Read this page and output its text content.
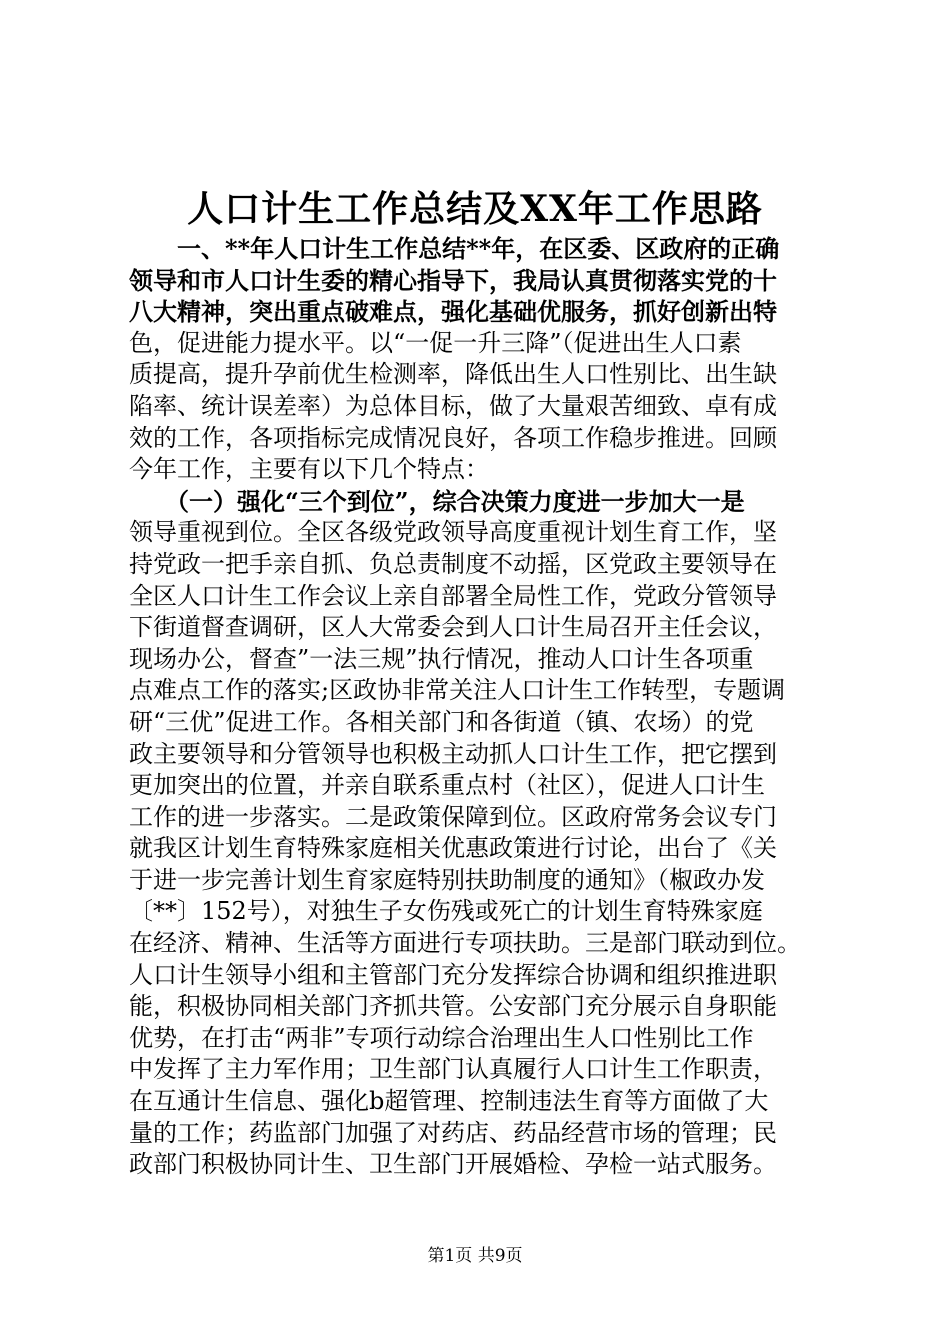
人口计生工作总结及XX年工作思路
　　一、**年人口计生工作总结**年，在区委、区政府的正确
领导和市人口计生委的精心指导下，我局认真贯彻落实党的十
八大精神，突出重点破难点，强化基础优服务，抓好创新出特
色，促进能力提水平。以“一促一升三降”（促进出生人口素
质提高，提升孕前优生检测率，降低出生人口性别比、出生缺
陷率、统计误差率）为总体目标，做了大量艰苦细致、卓有成
效的工作，各项指标完成情况良好，各项工作稳步推进。回顾
今年工作，主要有以下几个特点：
　　（一）强化“三个到位”，综合决策力度进一步加大一是
领导重视到位。全区各级党政领导高度重视计划生育工作，坚
持党政一把手亲自抓、负总责制度不动摇，区党政主要领导在
全区人口计生工作会议上亲自部署全局性工作，党政分管领导
下街道督查调研，区人大常委会到人口计生局召开主任会议，
现场办公，督查”一法三规”执行情况，推动人口计生各项重
点难点工作的落实;区政协非常关注人口计生工作转型，专题调
研“三优”促进工作。各相关部门和各街道（镇、农场）的党
政主要领导和分管领导也积极主动抓人口计生工作，把它摆到
更加突出的位置，并亲自联系重点村（社区），促进人口计生
工作的进一步落实。二是政策保障到位。区政府常务会议专门
就我区计划生育特殊家庭相关优惠政策进行讨论，出台了《关
于进一步完善计划生育家庭特别扶助制度的通知》（椒政办发
〔**〕152号），对独生子女伤残或死亡的计划生育特殊家庭
在经济、精神、生活等方面进行专项扶助。三是部门联动到位。
人口计生领导小组和主管部门充分发挥综合协调和组织推进职
能，积极协同相关部门齐抓共管。公安部门充分展示自身职能
优势，在打击“两非”专项行动综合治理出生人口性别比工作
中发挥了主力军作用；卫生部门认真履行人口计生工作职责，
在互通计生信息、强化b超管理、控制违法生育等方面做了大
量的工作；药监部门加强了对药店、药品经营市场的管理；民
政部门积极协同计生、卫生部门开展婚检、孕检一站式服务。
第1页 共9页
